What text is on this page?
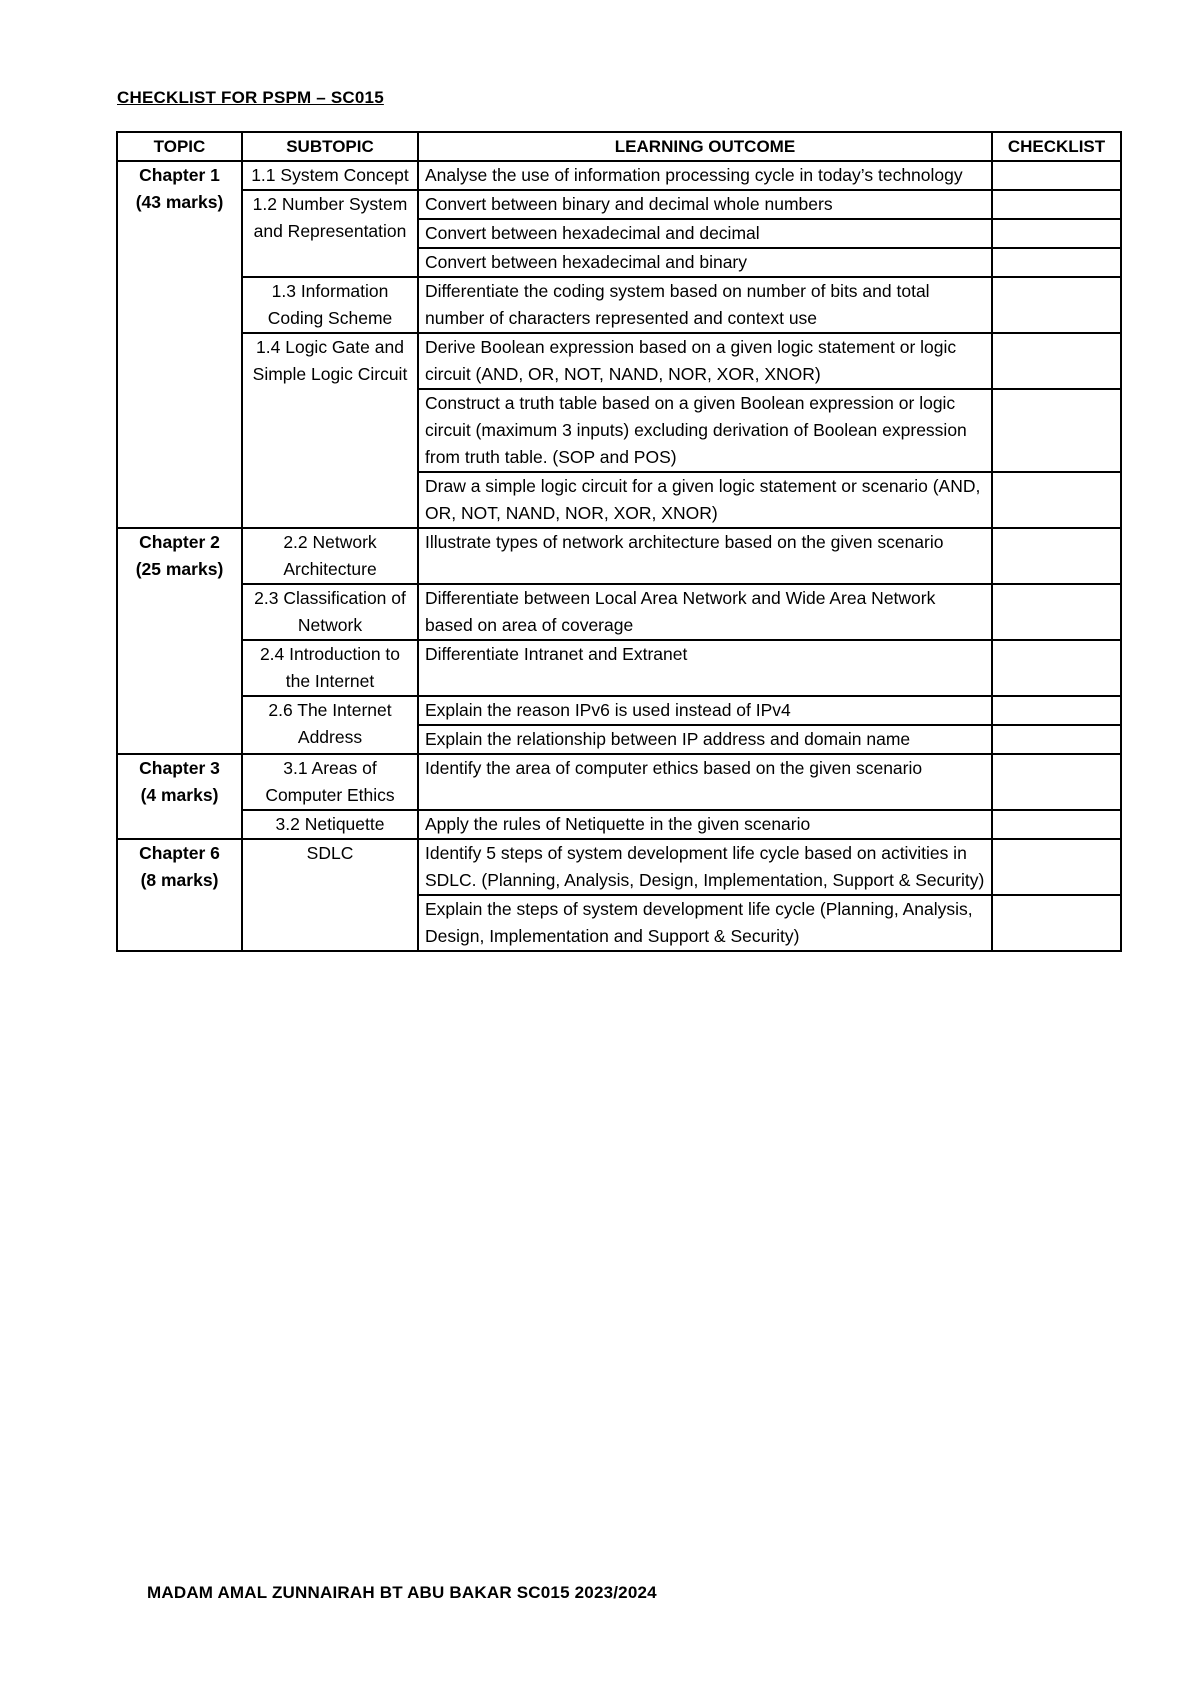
CHECKLIST FOR PSPM – SC015
TOPIC	SUBTOPIC	LEARNING OUTCOME	CHECKLIST

Chapter 1
(43 marks)	1.1 System Concept	Analyse the use of information processing cycle in today’s technology	
	1.2 Number System and Representation	Convert between binary and decimal whole numbers	
		Convert between hexadecimal and decimal	
		Convert between hexadecimal and binary	
	1.3 Information Coding Scheme	Differentiate the coding system based on number of bits and total number of characters represented and context use	
	1.4 Logic Gate and Simple Logic Circuit	Derive Boolean expression based on a given logic statement or logic circuit (AND, OR, NOT, NAND, NOR, XOR, XNOR)	
		Construct a truth table based on a given Boolean expression or logic circuit (maximum 3 inputs) excluding derivation of Boolean expression from truth table. (SOP and POS)	
		Draw a simple logic circuit for a given logic statement or scenario (AND, OR, NOT, NAND, NOR, XOR, XNOR)	

Chapter 2
(25 marks)	2.2 Network Architecture	Illustrate types of network architecture based on the given scenario	
	2.3 Classification of Network	Differentiate between Local Area Network and Wide Area Network based on area of coverage	
	2.4 Introduction to the Internet	Differentiate Intranet and Extranet	
	2.6 The Internet Address	Explain the reason IPv6 is used instead of IPv4	
		Explain the relationship between IP address and domain name	

Chapter 3
(4 marks)	3.1 Areas of Computer Ethics	Identify the area of computer ethics based on the given scenario	
	3.2 Netiquette	Apply the rules of Netiquette in the given scenario	

Chapter 6
(8 marks)	SDLC	Identify 5 steps of system development life cycle based on activities in SDLC. (Planning, Analysis, Design, Implementation, Support & Security)	
		Explain the steps of system development life cycle (Planning, Analysis, Design, Implementation and Support & Security)	
MADAM AMAL ZUNNAIRAH BT ABU BAKAR SC015 2023/2024
